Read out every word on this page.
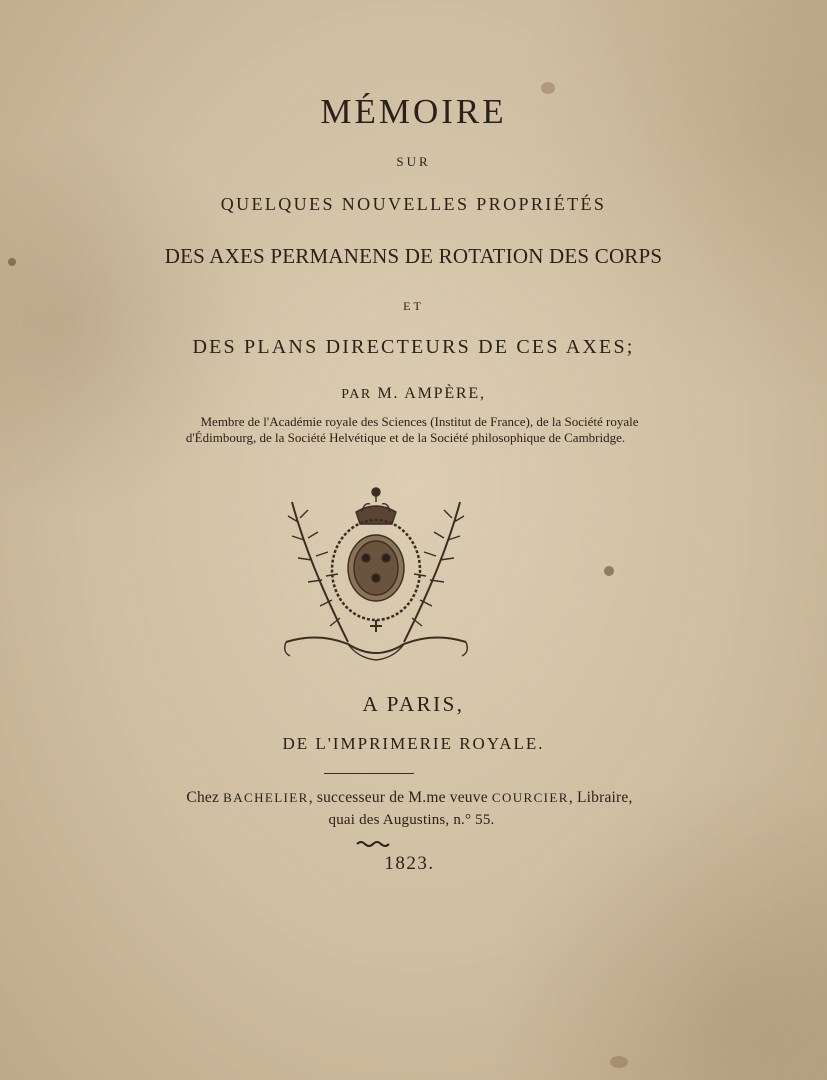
MÉMOIRE
SUR
QUELQUES NOUVELLES PROPRIÉTÉS
DES AXES PERMANENS DE ROTATION DES CORPS
ET
DES PLANS DIRECTEURS DE CES AXES;
PAR M. AMPÈRE,
Membre de l'Académie royale des Sciences (Institut de France), de la Société royale
d'Édimbourg, de la Société Helvétique et de la Société philosophique de Cambridge.
A PARIS,
DE L'IMPRIMERIE ROYALE.
Chez BACHELIER, successeur de M.me veuve COURCIER, Libraire,
quai des Augustins, n.° 55.
1823.
